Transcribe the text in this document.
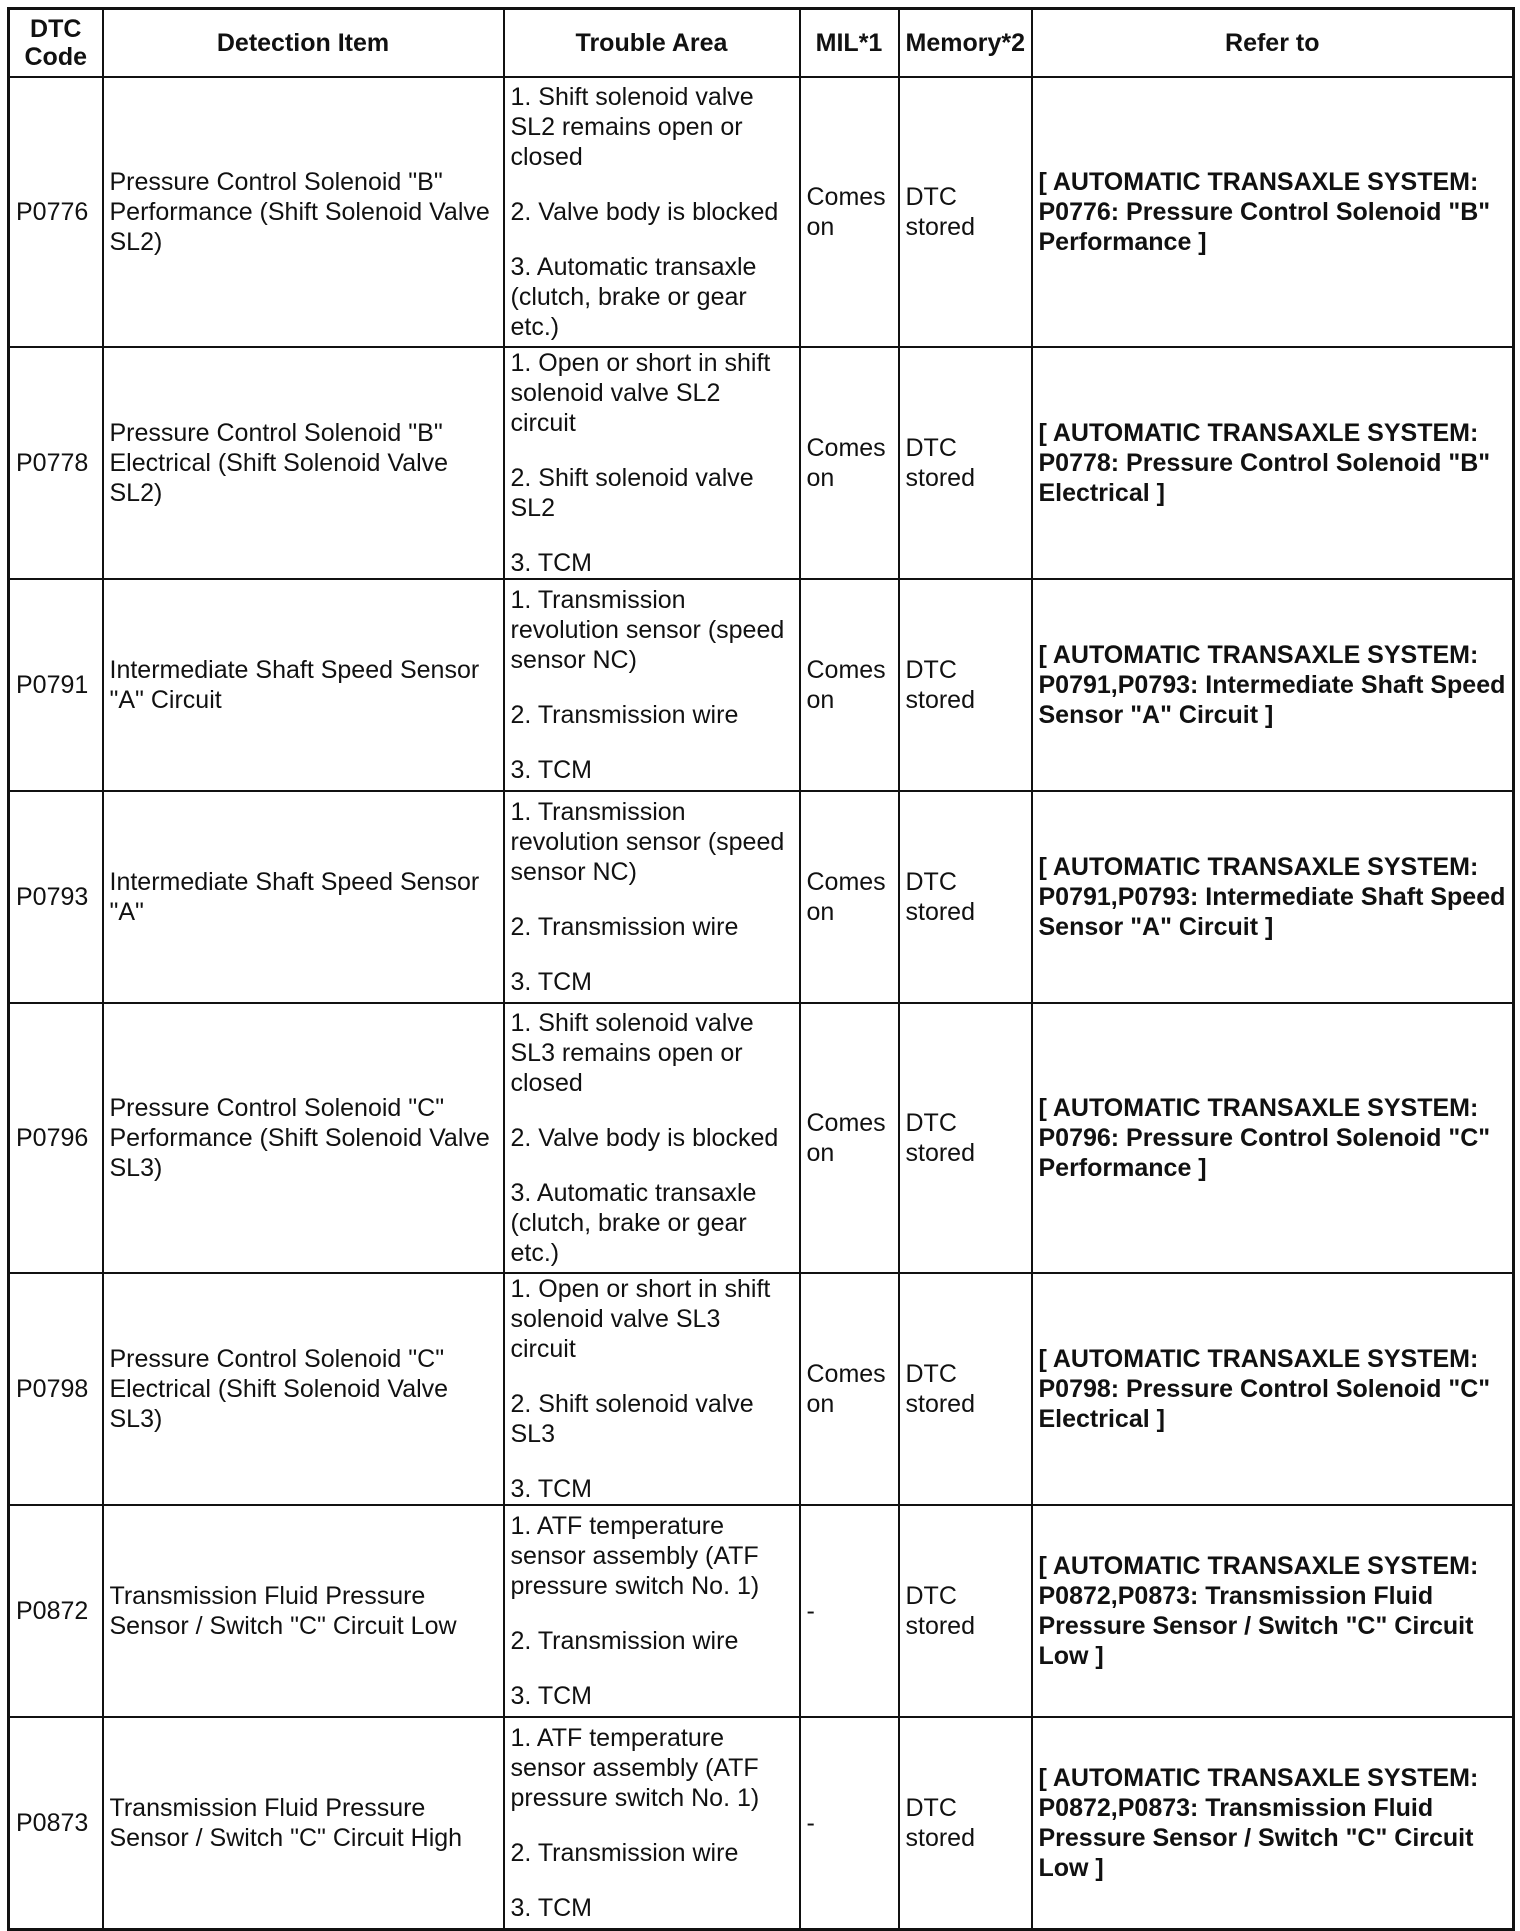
DTC Code	Detection Item	Trouble Area	MIL*1	Memory*2	Refer to
P0776	Pressure Control Solenoid "B" Performance (Shift Solenoid Valve SL2)	1. Shift solenoid valve SL2 remains open or closed

2. Valve body is blocked

3. Automatic transaxle (clutch, brake or gear etc.)	Comes on	DTC stored	[ AUTOMATIC TRANSAXLE SYSTEM: P0776: Pressure Control Solenoid "B" Performance ]
P0778	Pressure Control Solenoid "B" Electrical (Shift Solenoid Valve SL2)	1. Open or short in shift solenoid valve SL2 circuit

2. Shift solenoid valve SL2

3. TCM	Comes on	DTC stored	[ AUTOMATIC TRANSAXLE SYSTEM: P0778: Pressure Control Solenoid "B" Electrical ]
P0791	Intermediate Shaft Speed Sensor "A" Circuit	1. Transmission revolution sensor (speed sensor NC)

2. Transmission wire

3. TCM	Comes on	DTC stored	[ AUTOMATIC TRANSAXLE SYSTEM: P0791,P0793: Intermediate Shaft Speed Sensor "A" Circuit ]
P0793	Intermediate Shaft Speed Sensor "A"	1. Transmission revolution sensor (speed sensor NC)

2. Transmission wire

3. TCM	Comes on	DTC stored	[ AUTOMATIC TRANSAXLE SYSTEM: P0791,P0793: Intermediate Shaft Speed Sensor "A" Circuit ]
P0796	Pressure Control Solenoid "C" Performance (Shift Solenoid Valve SL3)	1. Shift solenoid valve SL3 remains open or closed

2. Valve body is blocked

3. Automatic transaxle (clutch, brake or gear etc.)	Comes on	DTC stored	[ AUTOMATIC TRANSAXLE SYSTEM: P0796: Pressure Control Solenoid "C" Performance ]
P0798	Pressure Control Solenoid "C" Electrical (Shift Solenoid Valve SL3)	1. Open or short in shift solenoid valve SL3 circuit

2. Shift solenoid valve SL3

3. TCM	Comes on	DTC stored	[ AUTOMATIC TRANSAXLE SYSTEM: P0798: Pressure Control Solenoid "C" Electrical ]
P0872	Transmission Fluid Pressure Sensor / Switch "C" Circuit Low	1. ATF temperature sensor assembly (ATF pressure switch No. 1)

2. Transmission wire

3. TCM	-	DTC stored	[ AUTOMATIC TRANSAXLE SYSTEM: P0872,P0873: Transmission Fluid Pressure Sensor / Switch "C" Circuit Low ]
P0873	Transmission Fluid Pressure Sensor / Switch "C" Circuit High	1. ATF temperature sensor assembly (ATF pressure switch No. 1)

2. Transmission wire

3. TCM	-	DTC stored	[ AUTOMATIC TRANSAXLE SYSTEM: P0872,P0873: Transmission Fluid Pressure Sensor / Switch "C" Circuit Low ]
